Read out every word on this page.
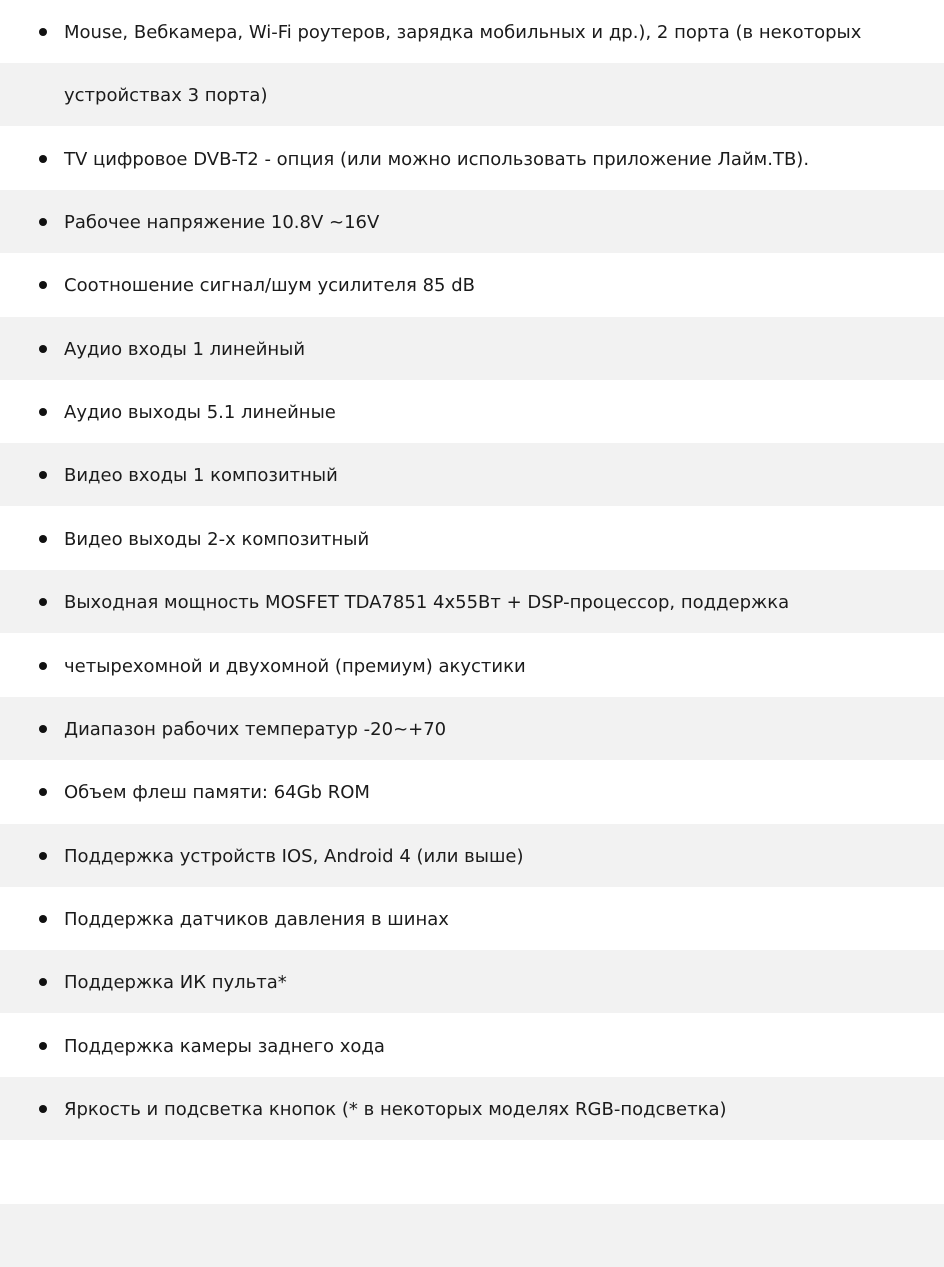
Mouse, Вебкамера, Wi-Fi роутеров, зарядка мобильных и др.), 2 порта (в некоторых
устройствах 3 порта)
TV цифровое DVB-T2 - опция (или можно использовать приложение Лайм.ТВ).
Рабочее напряжение 10.8V ~16V
Соотношение сигнал/шум усилителя 85 dB
Аудио входы 1 линейный
Аудио выходы 5.1 линейные
Видео входы 1 композитный
Видео выходы 2-х композитный
Выходная мощность MOSFET TDA7851 4x55Вт + DSP-процессор, поддержка
четырехомной и двухомной (премиум) акустики
Диапазон рабочих температур -20~+70
Объем флеш памяти: 64Gb ROM
Поддержка устройств IOS, Android 4 (или выше)
Поддержка датчиков давления в шинах
Поддержка ИК пульта*
Поддержка камеры заднего хода
Яркость и подсветка кнопок (* в некоторых моделях RGB-подсветка)
